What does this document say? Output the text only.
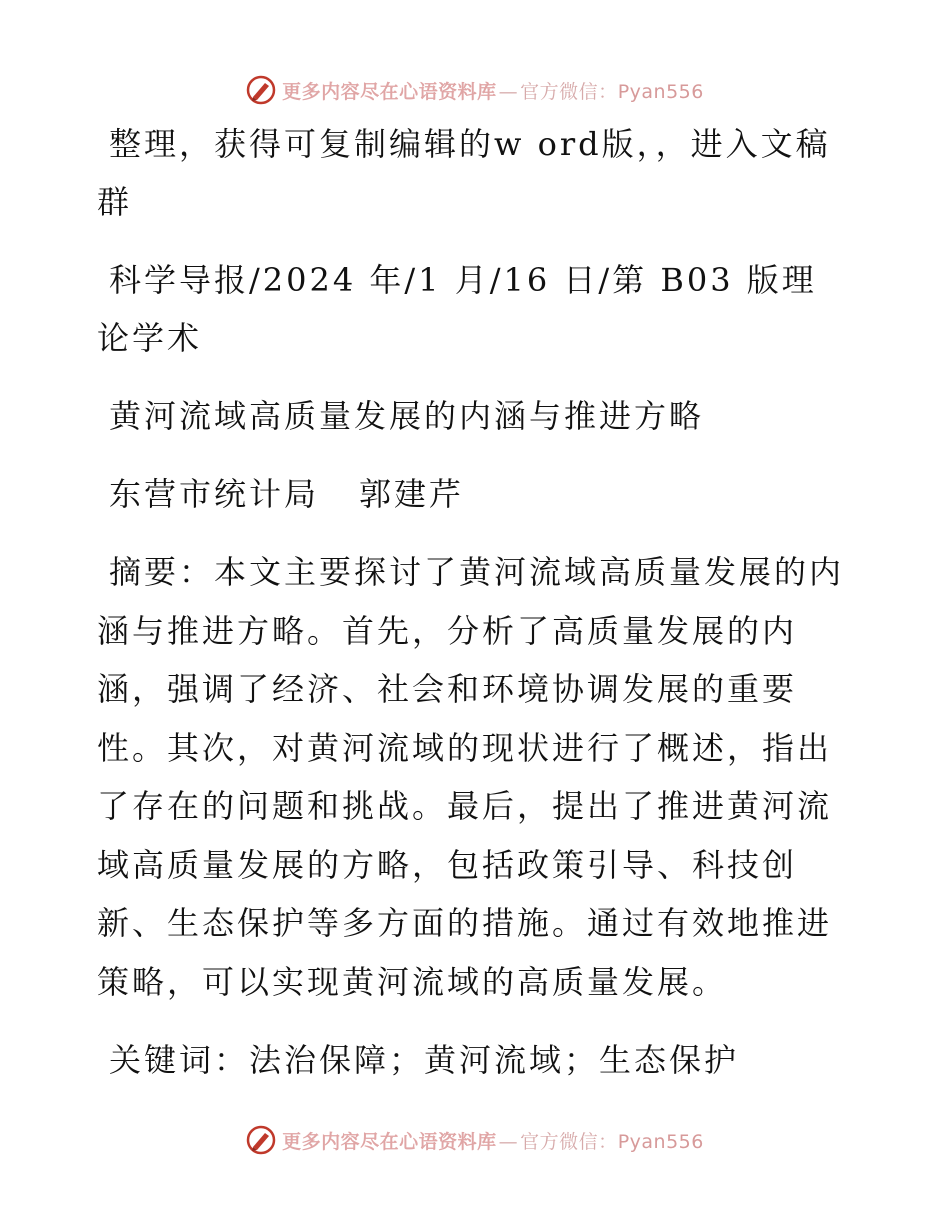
更多内容尽在心语资料库 — 官方微信：Pyan556

整理，获得可复制编辑的w ord版，，进入文稿群

科学导报/2024 年/1 月/16 日/第 B03 版理论学术

黄河流域高质量发展的内涵与推进方略

东营市统计局 郭建芹

摘要：本文主要探讨了黄河流域高质量发展的内涵与推进方略。首先，分析了高质量发展的内涵，强调了经济、社会和环境协调发展的重要性。其次，对黄河流域的现状进行了概述，指出了存在的问题和挑战。最后，提出了推进黄河流域高质量发展的方略，包括政策引导、科技创新、生态保护等多方面的措施。通过有效地推进策略，可以实现黄河流域的高质量发展。

关键词：法治保障；黄河流域；生态保护

更多内容尽在心语资料库 — 官方微信：Pyan556
